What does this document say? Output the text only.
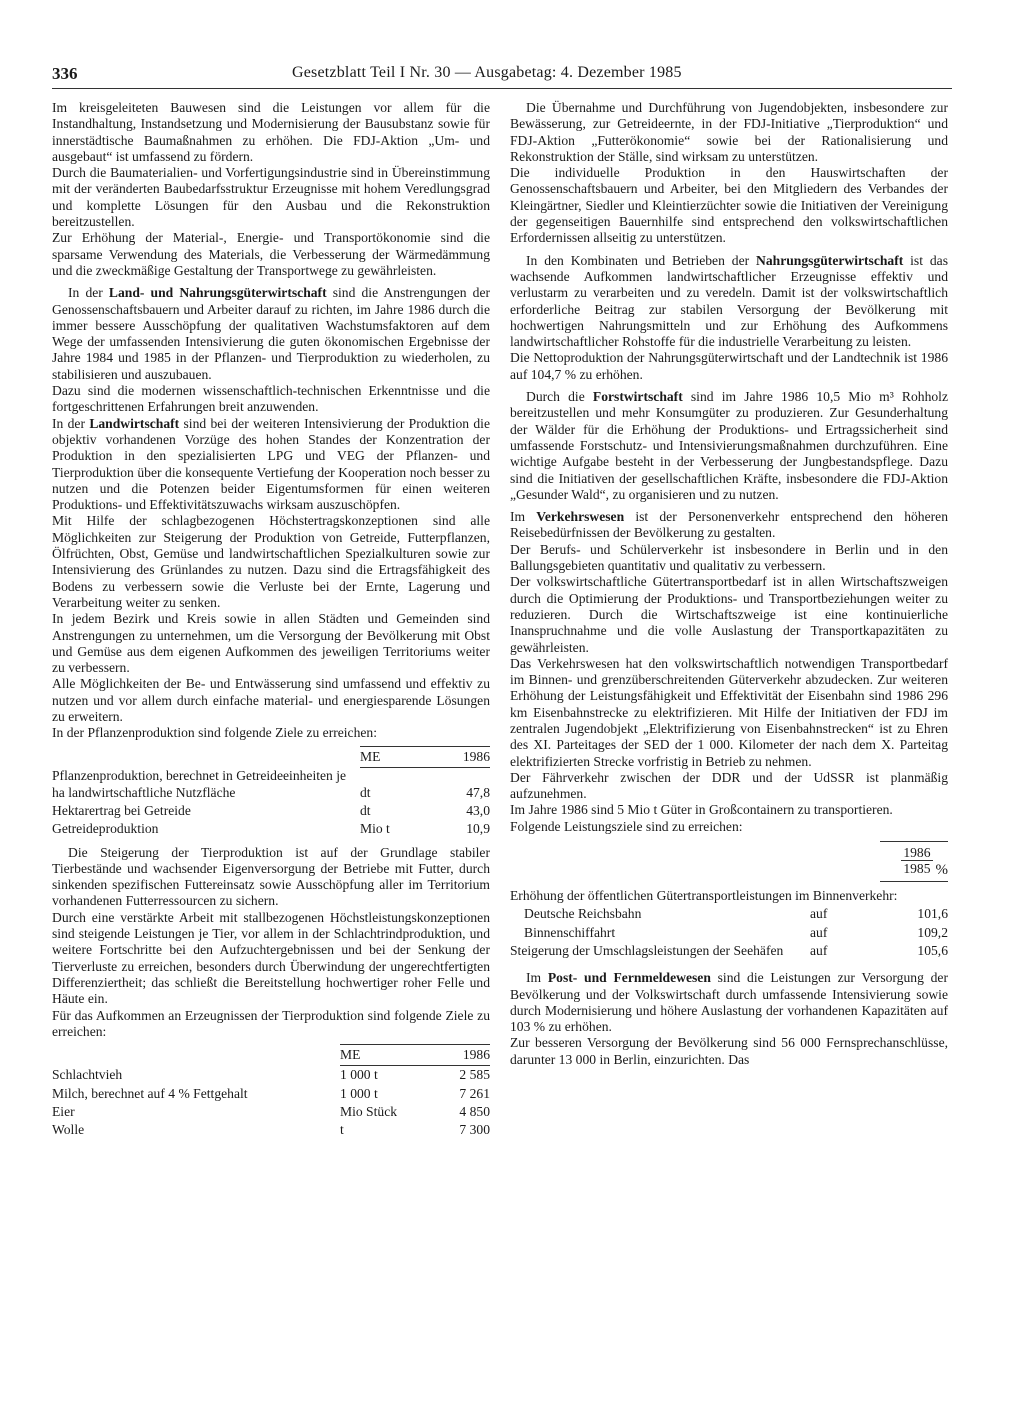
336	Gesetzblatt Teil I Nr. 30 — Ausgabetag: 4. Dezember 1985

Im kreisgeleiteten Bauwesen sind die Leistungen vor allem für die Instandhaltung, Instandsetzung und Modernisierung der Bausubstanz sowie für innerstädtische Baumaßnahmen zu erhöhen. Die FDJ-Aktion „Um- und ausgebaut“ ist umfassend zu fördern.

Durch die Baumaterialien- und Vorfertigungsindustrie sind in Übereinstimmung mit der veränderten Baubedarfsstruktur Erzeugnisse mit hohem Veredlungsgrad und komplette Lösungen für den Ausbau und die Rekonstruktion bereitzustellen.

Zur Erhöhung der Material-, Energie- und Transportökonomie sind die sparsame Verwendung des Materials, die Verbesserung der Wärmedämmung und die zweckmäßige Gestaltung der Transportwege zu gewährleisten.

In der Land- und Nahrungsgüterwirtschaft sind die Anstrengungen der Genossenschaftsbauern und Arbeiter darauf zu richten, im Jahre 1986 durch die immer bessere Ausschöpfung der qualitativen Wachstumsfaktoren auf dem Wege der umfassenden Intensivierung die guten ökonomischen Ergebnisse der Jahre 1984 und 1985 in der Pflanzen- und Tierproduktion zu wiederholen, zu stabilisieren und auszubauen.

Dazu sind die modernen wissenschaftlich-technischen Erkenntnisse und die fortgeschrittenen Erfahrungen breit anzuwenden.

In der Landwirtschaft sind bei der weiteren Intensivierung der Produktion die objektiv vorhandenen Vorzüge des hohen Standes der Konzentration der Produktion in den spezialisierten LPG und VEG der Pflanzen- und Tierproduktion über die konsequente Vertiefung der Kooperation noch besser zu nutzen und die Potenzen beider Eigentumsformen für einen weiteren Produktions- und Effektivitätszuwachs wirksam auszuschöpfen.

Mit Hilfe der schlagbezogenen Höchstertragskonzeptionen sind alle Möglichkeiten zur Steigerung der Produktion von Getreide, Futterpflanzen, Ölfrüchten, Obst, Gemüse und landwirtschaftlichen Spezialkulturen sowie zur Intensivierung des Grünlandes zu nutzen. Dazu sind die Ertragsfähigkeit des Bodens zu verbessern sowie die Verluste bei der Ernte, Lagerung und Verarbeitung weiter zu senken.

In jedem Bezirk und Kreis sowie in allen Städten und Gemeinden sind Anstrengungen zu unternehmen, um die Versorgung der Bevölkerung mit Obst und Gemüse aus dem eigenen Aufkommen des jeweiligen Territoriums weiter zu verbessern.

Alle Möglichkeiten der Be- und Entwässerung sind umfassend und effektiv zu nutzen und vor allem durch einfache material- und energiesparende Lösungen zu erweitern.

In der Pflanzenproduktion sind folgende Ziele zu erreichen:

	ME	1986
Pflanzenproduktion, berechnet in Getreideeinheiten je ha landwirtschaftliche Nutzfläche	dt	47,8
Hektarertrag bei Getreide	dt	43,0
Getreideproduktion	Mio t	10,9

Die Steigerung der Tierproduktion ist auf der Grundlage stabiler Tierbestände und wachsender Eigenversorgung der Betriebe mit Futter, durch sinkenden spezifischen Futtereinsatz sowie Ausschöpfung aller im Territorium vorhandenen Futterressourcen zu sichern.

Durch eine verstärkte Arbeit mit stallbezogenen Höchstleistungskonzeptionen sind steigende Leistungen je Tier, vor allem in der Schlachtrindproduktion, und weitere Fortschritte bei den Aufzuchtergebnissen und bei der Senkung der Tierverluste zu erreichen, besonders durch Überwindung der ungerechtfertigten Differenziertheit; das schließt die Bereitstellung hochwertiger roher Felle und Häute ein.

Für das Aufkommen an Erzeugnissen der Tierproduktion sind folgende Ziele zu erreichen:

	ME	1986
Schlachtvieh	1 000 t	2 585
Milch, berechnet auf 4 % Fettgehalt	1 000 t	7 261
Eier	Mio Stück	4 850
Wolle	t	7 300

Die Übernahme und Durchführung von Jugendobjekten, insbesondere zur Bewässerung, zur Getreideernte, in der FDJ-Initiative „Tierproduktion“ und FDJ-Aktion „Futterökonomie“ sowie bei der Rationalisierung und Rekonstruktion der Ställe, sind wirksam zu unterstützen.

Die individuelle Produktion in den Hauswirtschaften der Genossenschaftsbauern und Arbeiter, bei den Mitgliedern des Verbandes der Kleingärtner, Siedler und Kleintierzüchter sowie die Initiativen der Vereinigung der gegenseitigen Bauernhilfe sind entsprechend den volkswirtschaftlichen Erfordernissen allseitig zu unterstützen.

In den Kombinaten und Betrieben der Nahrungsgüterwirtschaft ist das wachsende Aufkommen landwirtschaftlicher Erzeugnisse effektiv und verlustarm zu verarbeiten und zu veredeln. Damit ist der volkswirtschaftlich erforderliche Beitrag zur stabilen Versorgung der Bevölkerung mit hochwertigen Nahrungsmitteln und zur Erhöhung des Aufkommens landwirtschaftlicher Rohstoffe für die industrielle Verarbeitung zu leisten.

Die Nettoproduktion der Nahrungsgüterwirtschaft und der Landtechnik ist 1986 auf 104,7 % zu erhöhen.

Durch die Forstwirtschaft sind im Jahre 1986 10,5 Mio m³ Rohholz bereitzustellen und mehr Konsumgüter zu produzieren. Zur Gesunderhaltung der Wälder für die Erhöhung der Produktions- und Ertragssicherheit sind umfassende Forstschutz- und Intensivierungsmaßnahmen durchzuführen. Eine wichtige Aufgabe besteht in der Verbesserung der Jungbestandspflege. Dazu sind die Initiativen der gesellschaftlichen Kräfte, insbesondere die FDJ-Aktion „Gesunder Wald“, zu organisieren und zu nutzen.

Im Verkehrswesen ist der Personenverkehr entsprechend den höheren Reisebedürfnissen der Bevölkerung zu gestalten.

Der Berufs- und Schülerverkehr ist insbesondere in Berlin und in den Ballungsgebieten quantitativ und qualitativ zu verbessern.

Der volkswirtschaftliche Gütertransportbedarf ist in allen Wirtschaftszweigen durch die Optimierung der Produktions- und Transportbeziehungen weiter zu reduzieren. Durch die Wirtschaftszweige ist eine kontinuierliche Inanspruchnahme und die volle Auslastung der Transportkapazitäten zu gewährleisten.

Das Verkehrswesen hat den volkswirtschaftlich notwendigen Transportbedarf im Binnen- und grenzüberschreitenden Güterverkehr abzudecken. Zur weiteren Erhöhung der Leistungsfähigkeit und Effektivität der Eisenbahn sind 1986 296 km Eisenbahnstrecke zu elektrifizieren. Mit Hilfe der Initiativen der FDJ im zentralen Jugendobjekt „Elektrifizierung von Eisenbahnstrecken“ ist zu Ehren des XI. Parteitages der SED der 1 000. Kilometer der nach dem X. Parteitag elektrifizierten Strecke vorfristig in Betrieb zu nehmen.

Der Fährverkehr zwischen der DDR und der UdSSR ist planmäßig aufzunehmen.

Im Jahre 1986 sind 5 Mio t Güter in Großcontainern zu transportieren.

Folgende Leistungsziele sind zu erreichen:

		$\frac{1986}{1985}$ %
Erhöhung der öffentlichen Gütertransportleistungen im Binnenverkehr:		
Deutsche Reichsbahn	auf	101,6
Binnenschiffahrt	auf	109,2
Steigerung der Umschlagsleistungen der Seehäfen	auf	105,6

Im Post- und Fernmeldewesen sind die Leistungen zur Versorgung der Bevölkerung und der Volkswirtschaft durch umfassende Intensivierung sowie durch Modernisierung und höhere Auslastung der vorhandenen Kapazitäten auf 103 % zu erhöhen.

Zur besseren Versorgung der Bevölkerung sind 56 000 Fernsprechanschlüsse, darunter 13 000 in Berlin, einzurichten. Das
